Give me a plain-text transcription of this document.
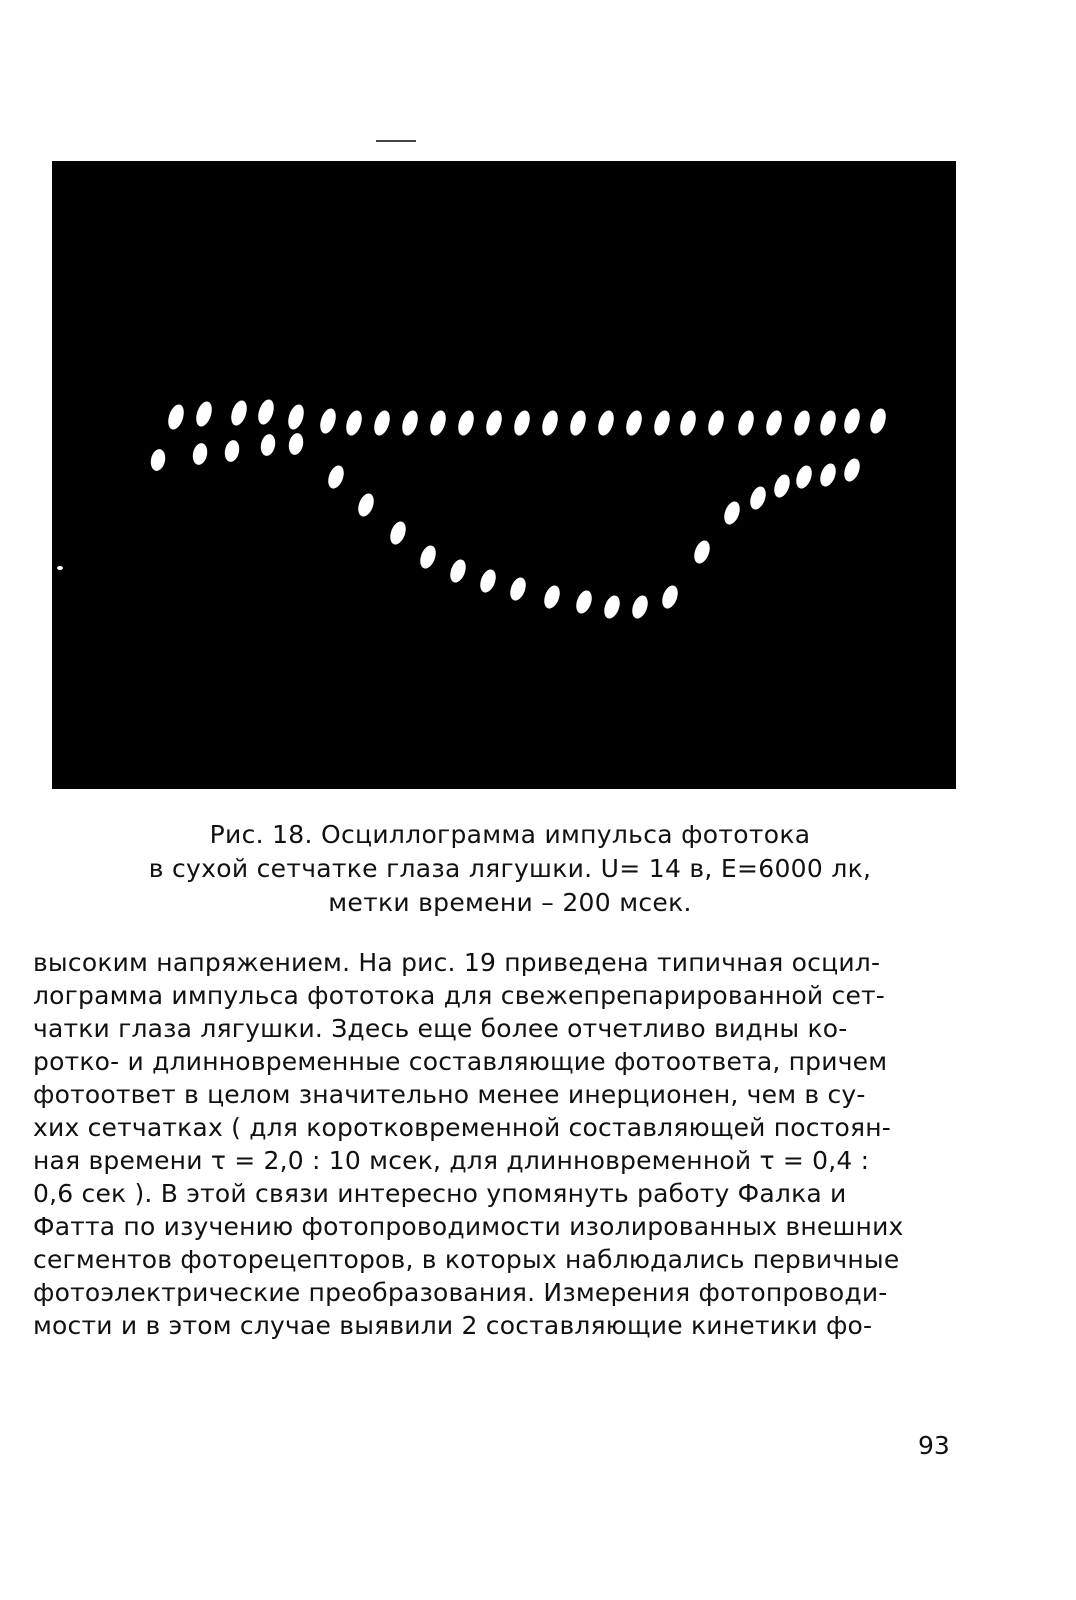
Рис. 18. Осциллограмма импульса фототока

в сухой сетчатке глаза лягушки. U= 14 в, E=6000 лк,

метки времени – 200 мсек.

высоким напряжением. На рис. 19 приведена типичная осцил-

лограмма импульса фототока для свежепрепарированной сет-

чатки глаза лягушки. Здесь еще более отчетливо видны ко-

ротко- и длинновременные составляющие фотоответа, причем

фотоответ в целом значительно менее инерционен, чем в су-

хих сетчатках ( для коротковременной составляющей постоян-

ная времени τ = 2,0 : 10 мсек, для длинновременной τ = 0,4 :

0,6 сек ). В этой связи интересно упомянуть работу Фалка и

Фатта по изучению фотопроводимости изолированных внешних

сегментов фоторецепторов, в которых наблюдались первичные

фотоэлектрические преобразования. Измерения фотопроводи-

мости и в этом случае выявили 2 составляющие кинетики фо-

93
